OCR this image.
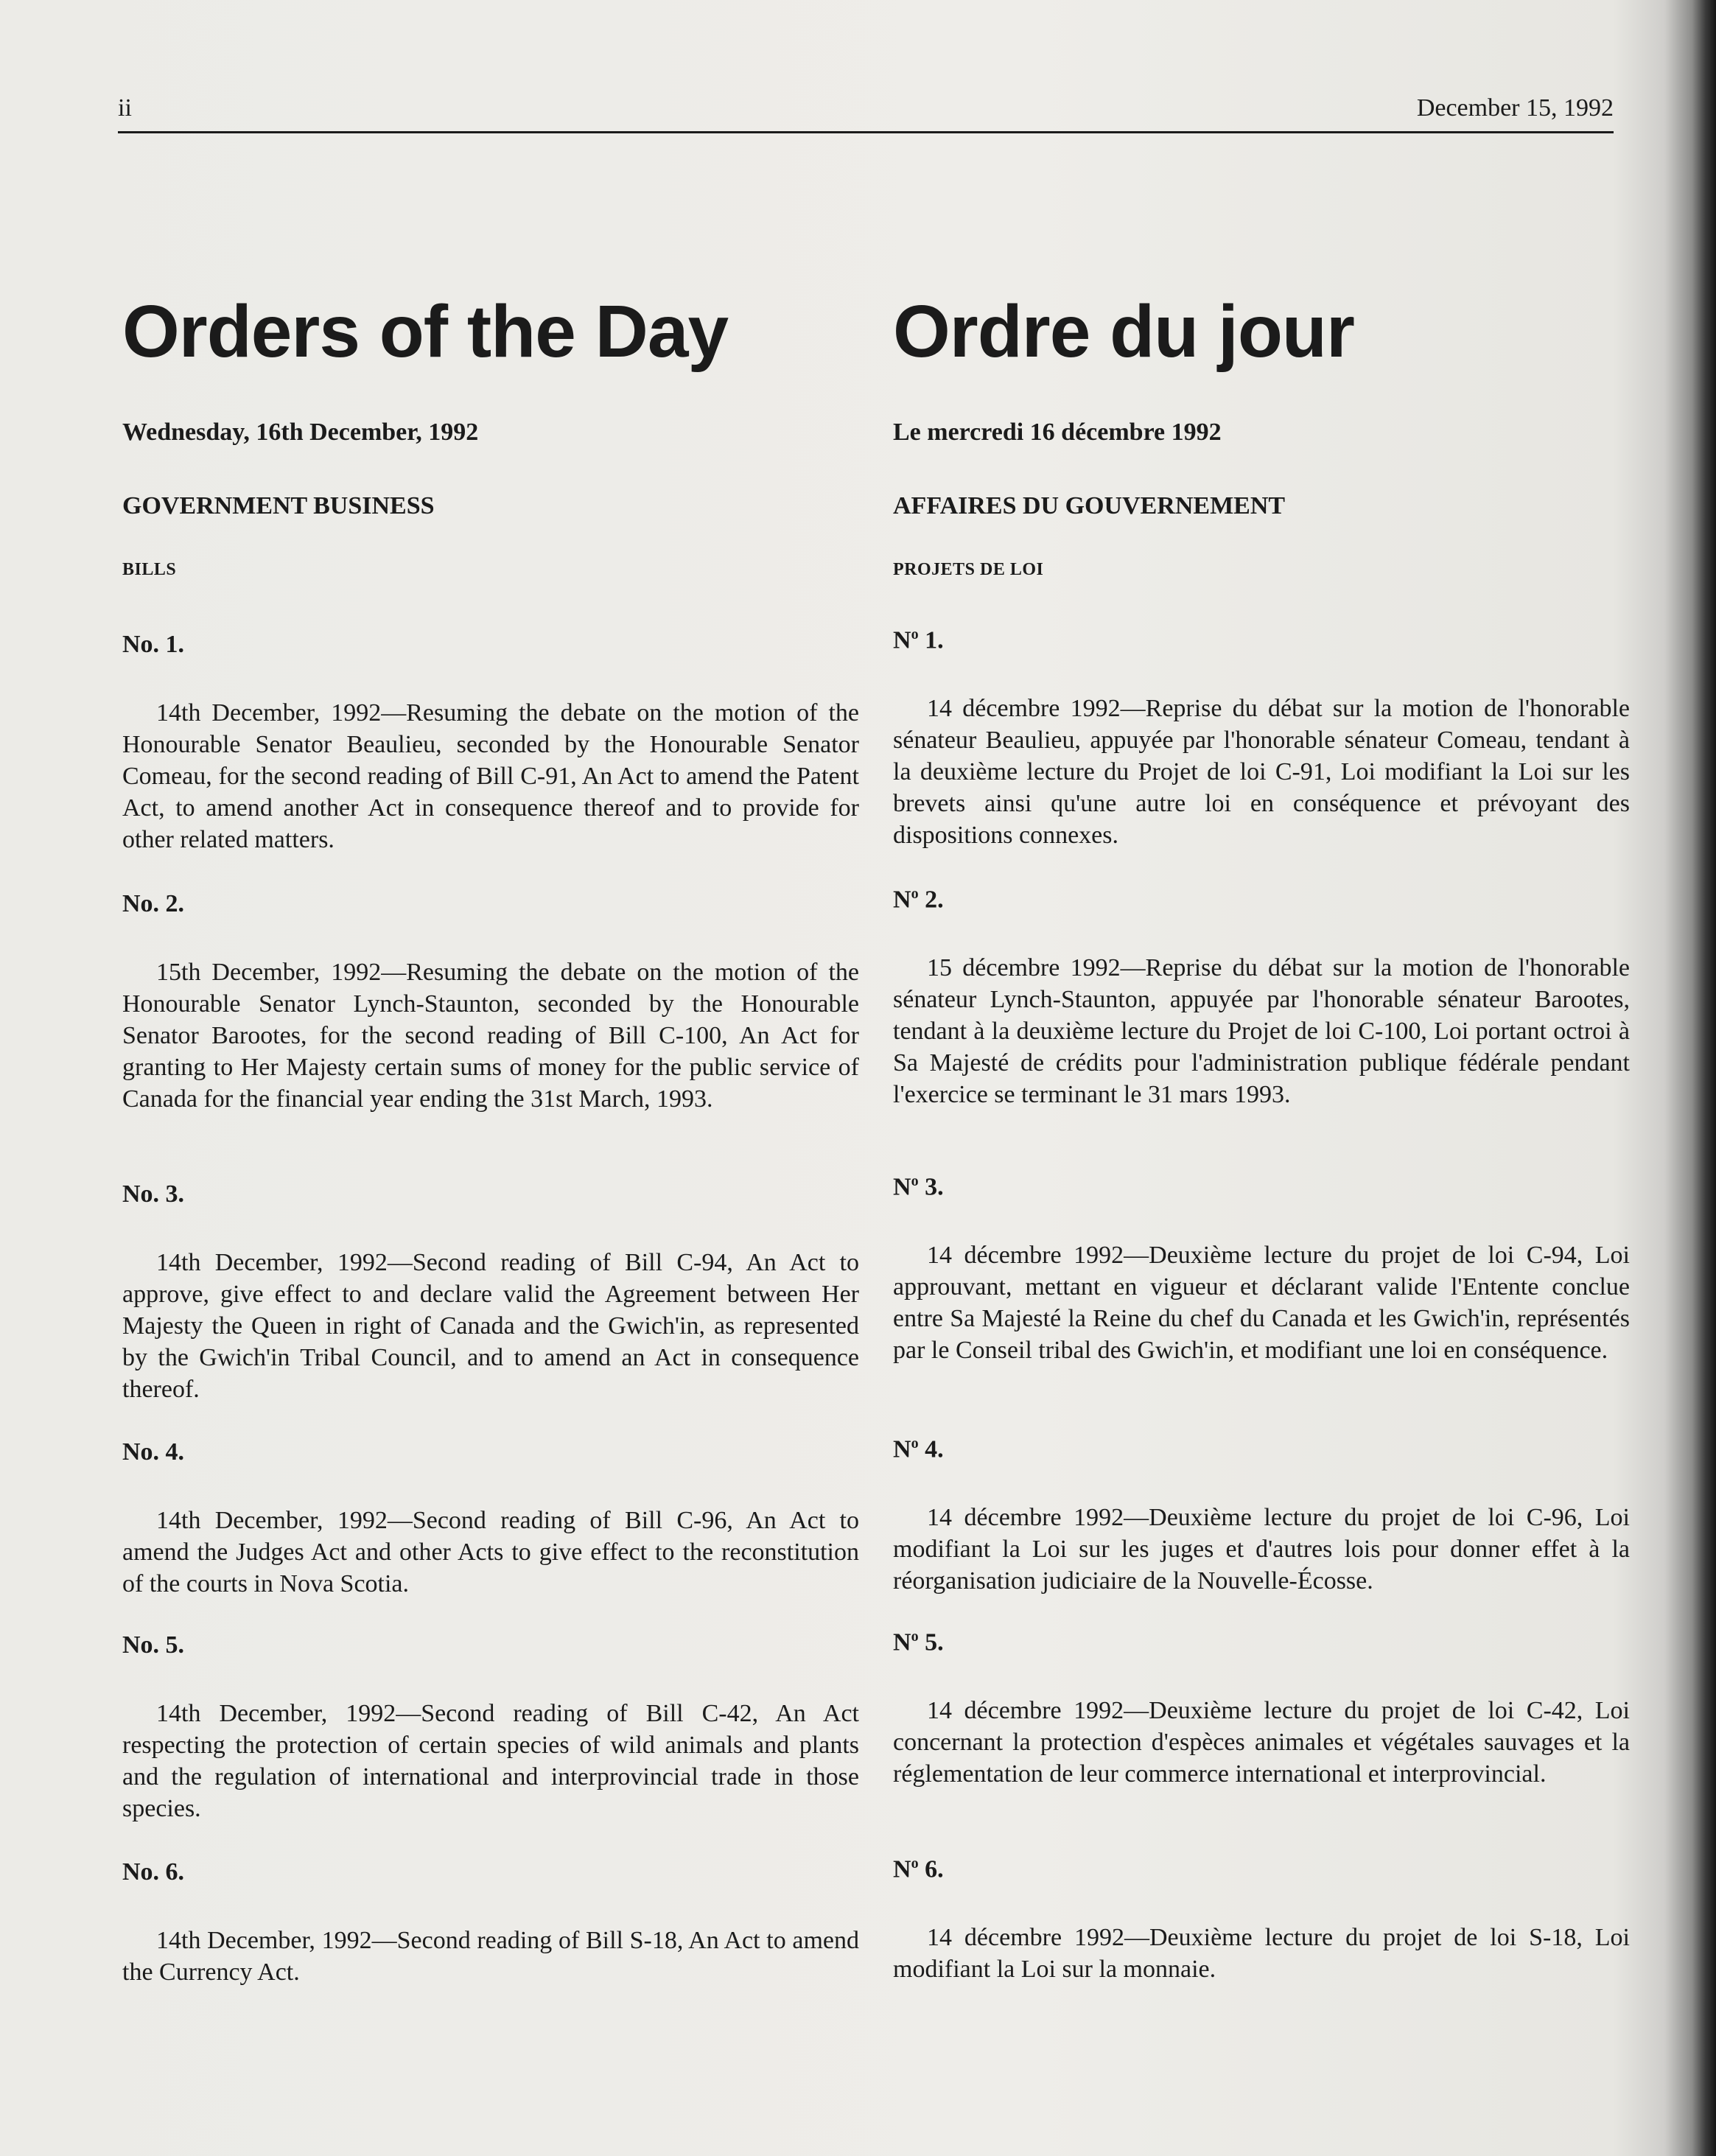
ii	December 15, 1992
Orders of the Day
Wednesday, 16th December, 1992
GOVERNMENT BUSINESS
BILLS
No. 1.

14th December, 1992—Resuming the debate on the motion of the Honourable Senator Beaulieu, seconded by the Honourable Senator Comeau, for the second reading of Bill C-91, An Act to amend the Patent Act, to amend another Act in consequence thereof and to provide for other related matters.

No. 2.

15th December, 1992—Resuming the debate on the motion of the Honourable Senator Lynch-Staunton, seconded by the Honourable Senator Barootes, for the second reading of Bill C-100, An Act for granting to Her Majesty certain sums of money for the public service of Canada for the financial year ending the 31st March, 1993.

No. 3.

14th December, 1992—Second reading of Bill C-94, An Act to approve, give effect to and declare valid the Agreement between Her Majesty the Queen in right of Canada and the Gwich'in, as represented by the Gwich'in Tribal Council, and to amend an Act in consequence thereof.

No. 4.

14th December, 1992—Second reading of Bill C-96, An Act to amend the Judges Act and other Acts to give effect to the reconstitution of the courts in Nova Scotia.

No. 5.

14th December, 1992—Second reading of Bill C-42, An Act respecting the protection of certain species of wild animals and plants and the regulation of international and interprovincial trade in those species.

No. 6.

14th December, 1992—Second reading of Bill S-18, An Act to amend the Currency Act.

Ordre du jour
Le mercredi 16 décembre 1992
AFFAIRES DU GOUVERNEMENT
PROJETS DE LOI
$N^o$ 1.

14 décembre 1992—Reprise du débat sur la motion de l'honorable sénateur Beaulieu, appuyée par l'honorable sénateur Comeau, tendant à la deuxième lecture du Projet de loi C-91, Loi modifiant la Loi sur les brevets ainsi qu'une autre loi en conséquence et prévoyant des dispositions connexes.

$N^o$ 2.

15 décembre 1992—Reprise du débat sur la motion de l'honorable sénateur Lynch-Staunton, appuyée par l'honorable sénateur Barootes, tendant à la deuxième lecture du Projet de loi C-100, Loi portant octroi à Sa Majesté de crédits pour l'administration publique fédérale pendant l'exercice se terminant le 31 mars 1993.

$N^o$ 3.

14 décembre 1992—Deuxième lecture du projet de loi C-94, Loi approuvant, mettant en vigueur et déclarant valide l'Entente conclue entre Sa Majesté la Reine du chef du Canada et les Gwich'in, représentés par le Conseil tribal des Gwich'in, et modifiant une loi en conséquence.

$N^o$ 4.

14 décembre 1992—Deuxième lecture du projet de loi C-96, Loi modifiant la Loi sur les juges et d'autres lois pour donner effet à la réorganisation judiciaire de la Nouvelle-Écosse.

$N^o$ 5.

14 décembre 1992—Deuxième lecture du projet de loi C-42, Loi concernant la protection d'espèces animales et végétales sauvages et la réglementation de leur commerce international et interprovincial.

$N^o$ 6.

14 décembre 1992—Deuxième lecture du projet de loi S-18, Loi modifiant la Loi sur la monnaie.
